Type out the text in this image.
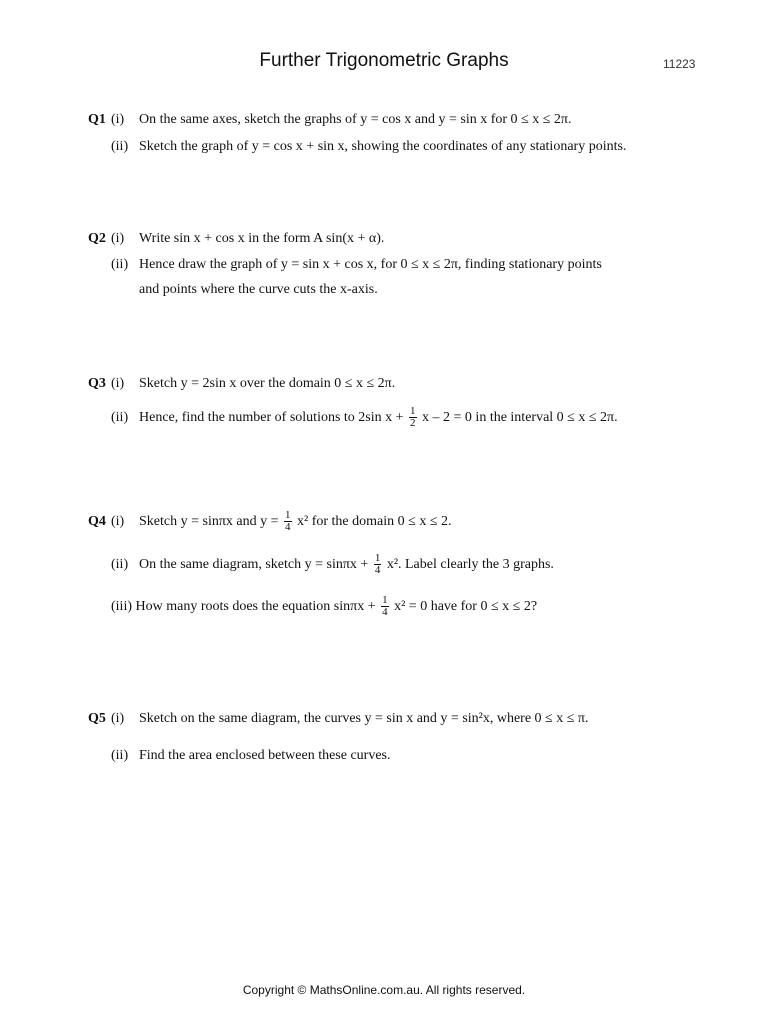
Further Trigonometric Graphs	11223
Q1 (i) On the same axes, sketch the graphs of y = cos x and y = sin x for 0 ≤ x ≤ 2π.
(ii) Sketch the graph of y = cos x + sin x, showing the coordinates of any stationary points.
Q2 (i) Write sin x + cos x in the form A sin(x + α).
(ii) Hence draw the graph of y = sin x + cos x, for 0 ≤ x ≤ 2π, finding stationary points
and points where the curve cuts the x-axis.
Q3 (i) Sketch y = 2sin x over the domain 0 ≤ x ≤ 2π.
(ii) Hence, find the number of solutions to 2sin $x + \frac{1}{2}$ x – 2 = 0 in the interval 0 ≤ x ≤ 2π.
Q4 (i) Sketch y = sinπx and $y = \frac{1}{4} x^2$ for the domain 0 ≤ x ≤ 2.
(ii) On the same diagram, sketch $y = \sin\pi x + \frac{1}{4} x^2$. Label clearly the 3 graphs.
(iii) How many roots does the equation $\sin\pi x + \frac{1}{4} x^2 = 0$ have for 0 ≤ x ≤ 2?
Q5 (i) Sketch on the same diagram, the curves y = sin x and y = sin²x, where 0 ≤ x ≤ π.
(ii) Find the area enclosed between these curves.
Copyright © MathsOnline.com.au. All rights reserved.
